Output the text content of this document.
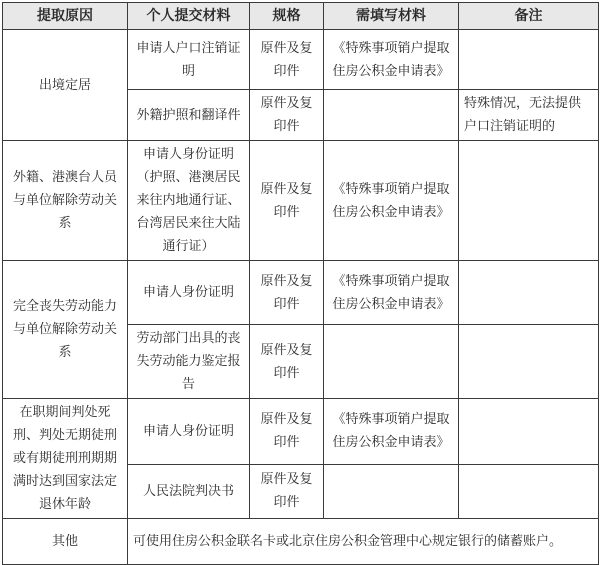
提取原因	个人提交材料	规格	需填写材料	备注
出境定居	申请人户口注销证明	原件及复印件	《特殊事项销户提取住房公积金申请表》	
	外籍护照和翻译件	原件及复印件		特殊情况，无法提供户口注销证明的
外籍、港澳台人员与单位解除劳动关系	申请人身份证明（护照、港澳居民来往内地通行证、台湾居民来往大陆通行证）	原件及复印件	《特殊事项销户提取住房公积金申请表》	
完全丧失劳动能力与单位解除劳动关系	申请人身份证明	原件及复印件	《特殊事项销户提取住房公积金申请表》	
	劳动部门出具的丧失劳动能力鉴定报告	原件及复印件		
在职期间判处死刑、判处无期徒刑或有期徒刑刑期期满时达到国家法定退休年龄	申请人身份证明	原件及复印件	《特殊事项销户提取住房公积金申请表》	
	人民法院判决书	原件及复印件		
其他	可使用住房公积金联名卡或北京住房公积金管理中心规定银行的储蓄账户。			
